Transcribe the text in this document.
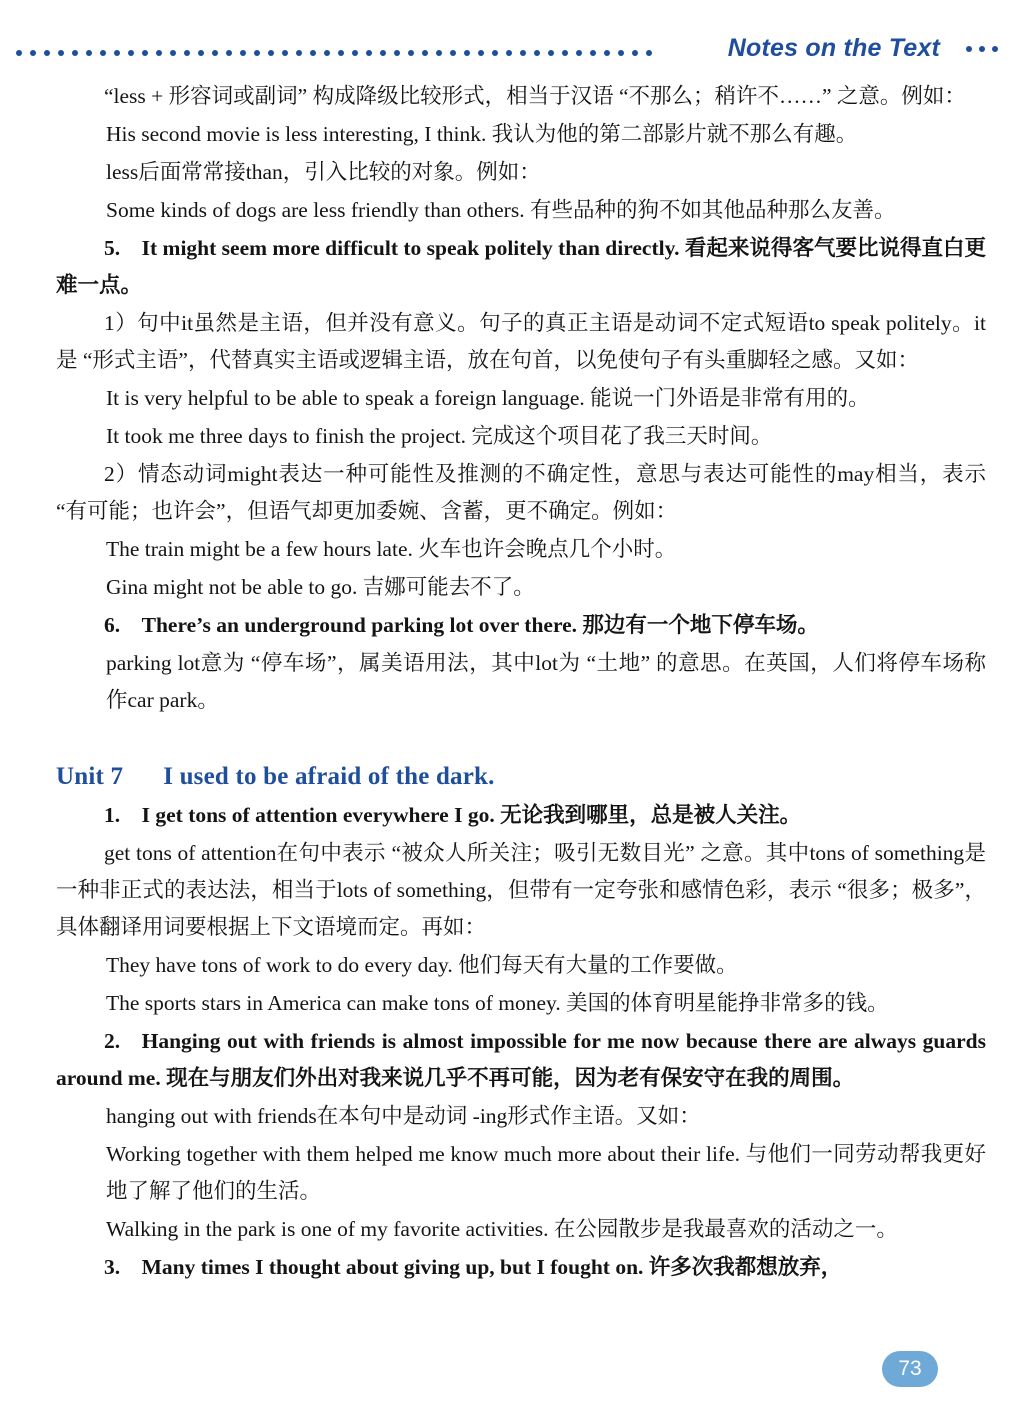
Notes on the Text

“less + 形容词或副词” 构成降级比较形式，相当于汉语 “不那么；稍许不……” 之意。例如：

His second movie is less interesting, I think. 我认为他的第二部影片就不那么有趣。

less后面常常接than，引入比较的对象。例如：

Some kinds of dogs are less friendly than others. 有些品种的狗不如其他品种那么友善。

5. It might seem more difficult to speak politely than directly. 看起来说得客气要比说得直白更难一点。

1）句中it虽然是主语，但并没有意义。句子的真正主语是动词不定式短语to speak politely。it是 “形式主语”，代替真实主语或逻辑主语，放在句首，以免使句子有头重脚轻之感。又如：

It is very helpful to be able to speak a foreign language. 能说一门外语是非常有用的。

It took me three days to finish the project. 完成这个项目花了我三天时间。

2）情态动词might表达一种可能性及推测的不确定性，意思与表达可能性的may相当，表示 “有可能；也许会”，但语气却更加委婉、含蓄，更不确定。例如：

The train might be a few hours late. 火车也许会晚点几个小时。

Gina might not be able to go. 吉娜可能去不了。

6. There’s an underground parking lot over there. 那边有一个地下停车场。

parking lot意为 “停车场”，属美语用法，其中lot为 “土地” 的意思。在英国，人们将停车场称作car park。

Unit 7 I used to be afraid of the dark.

1. I get tons of attention everywhere I go. 无论我到哪里，总是被人关注。

get tons of attention在句中表示 “被众人所关注；吸引无数目光” 之意。其中tons of something是一种非正式的表达法，相当于lots of something，但带有一定夸张和感情色彩，表示 “很多；极多”，具体翻译用词要根据上下文语境而定。再如：

They have tons of work to do every day. 他们每天有大量的工作要做。

The sports stars in America can make tons of money. 美国的体育明星能挣非常多的钱。

2. Hanging out with friends is almost impossible for me now because there are always guards around me. 现在与朋友们外出对我来说几乎不再可能，因为老有保安守在我的周围。

hanging out with friends在本句中是动词 -ing形式作主语。又如：

Working together with them helped me know much more about their life. 与他们一同劳动帮我更好地了解了他们的生活。

Walking in the park is one of my favorite activities. 在公园散步是我最喜欢的活动之一。

3. Many times I thought about giving up, but I fought on. 许多次我都想放弃，

73
